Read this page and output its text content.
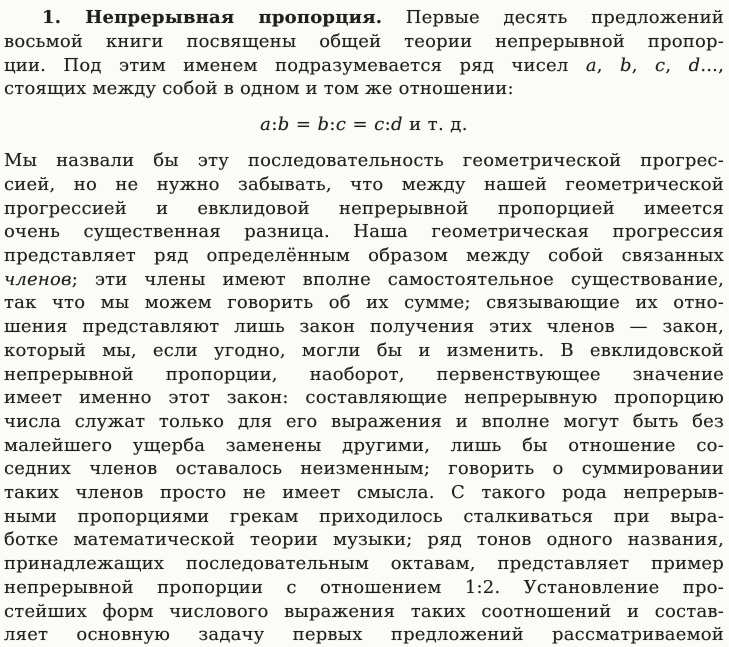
1. Непрерывная пропорция. Первые десять предложений
восьмой книги посвящены общей теории непрерывной пропор-
ции. Под этим именем подразумевается ряд чисел a, b, c, d...,
стоящих между собой в одном и том же отношении:
a:b = b:c = c:d и т. д.
Мы назвали бы эту последовательность геометрической прогрес-
сией, но не нужно забывать, что между нашей геометрической
прогрессией и евклидовой непрерывной пропорцией имеется
очень существенная разница. Наша геометрическая прогрессия
представляет ряд определённым образом между собой связанных
членов; эти члены имеют вполне самостоятельное существование,
так что мы можем говорить об их сумме; связывающие их отно-
шения представляют лишь закон получения этих членов — закон,
который мы, если угодно, могли бы и изменить. В евклидовской
непрерывной пропорции, наоборот, первенствующее значение
имеет именно этот закон: составляющие непрерывную пропорцию
числа служат только для его выражения и вполне могут быть без
малейшего ущерба заменены другими, лишь бы отношение со-
седних членов оставалось неизменным; говорить о суммировании
таких членов просто не имеет смысла. С такого рода непрерыв-
ными пропорциями грекам приходилось сталкиваться при выра-
ботке математической теории музыки; ряд тонов одного названия,
принадлежащих последовательным октавам, представляет пример
непрерывной пропорции с отношением 1:2. Установление про-
стейших форм числового выражения таких соотношений и состав-
ляет основную задачу первых предложений рассматриваемой
